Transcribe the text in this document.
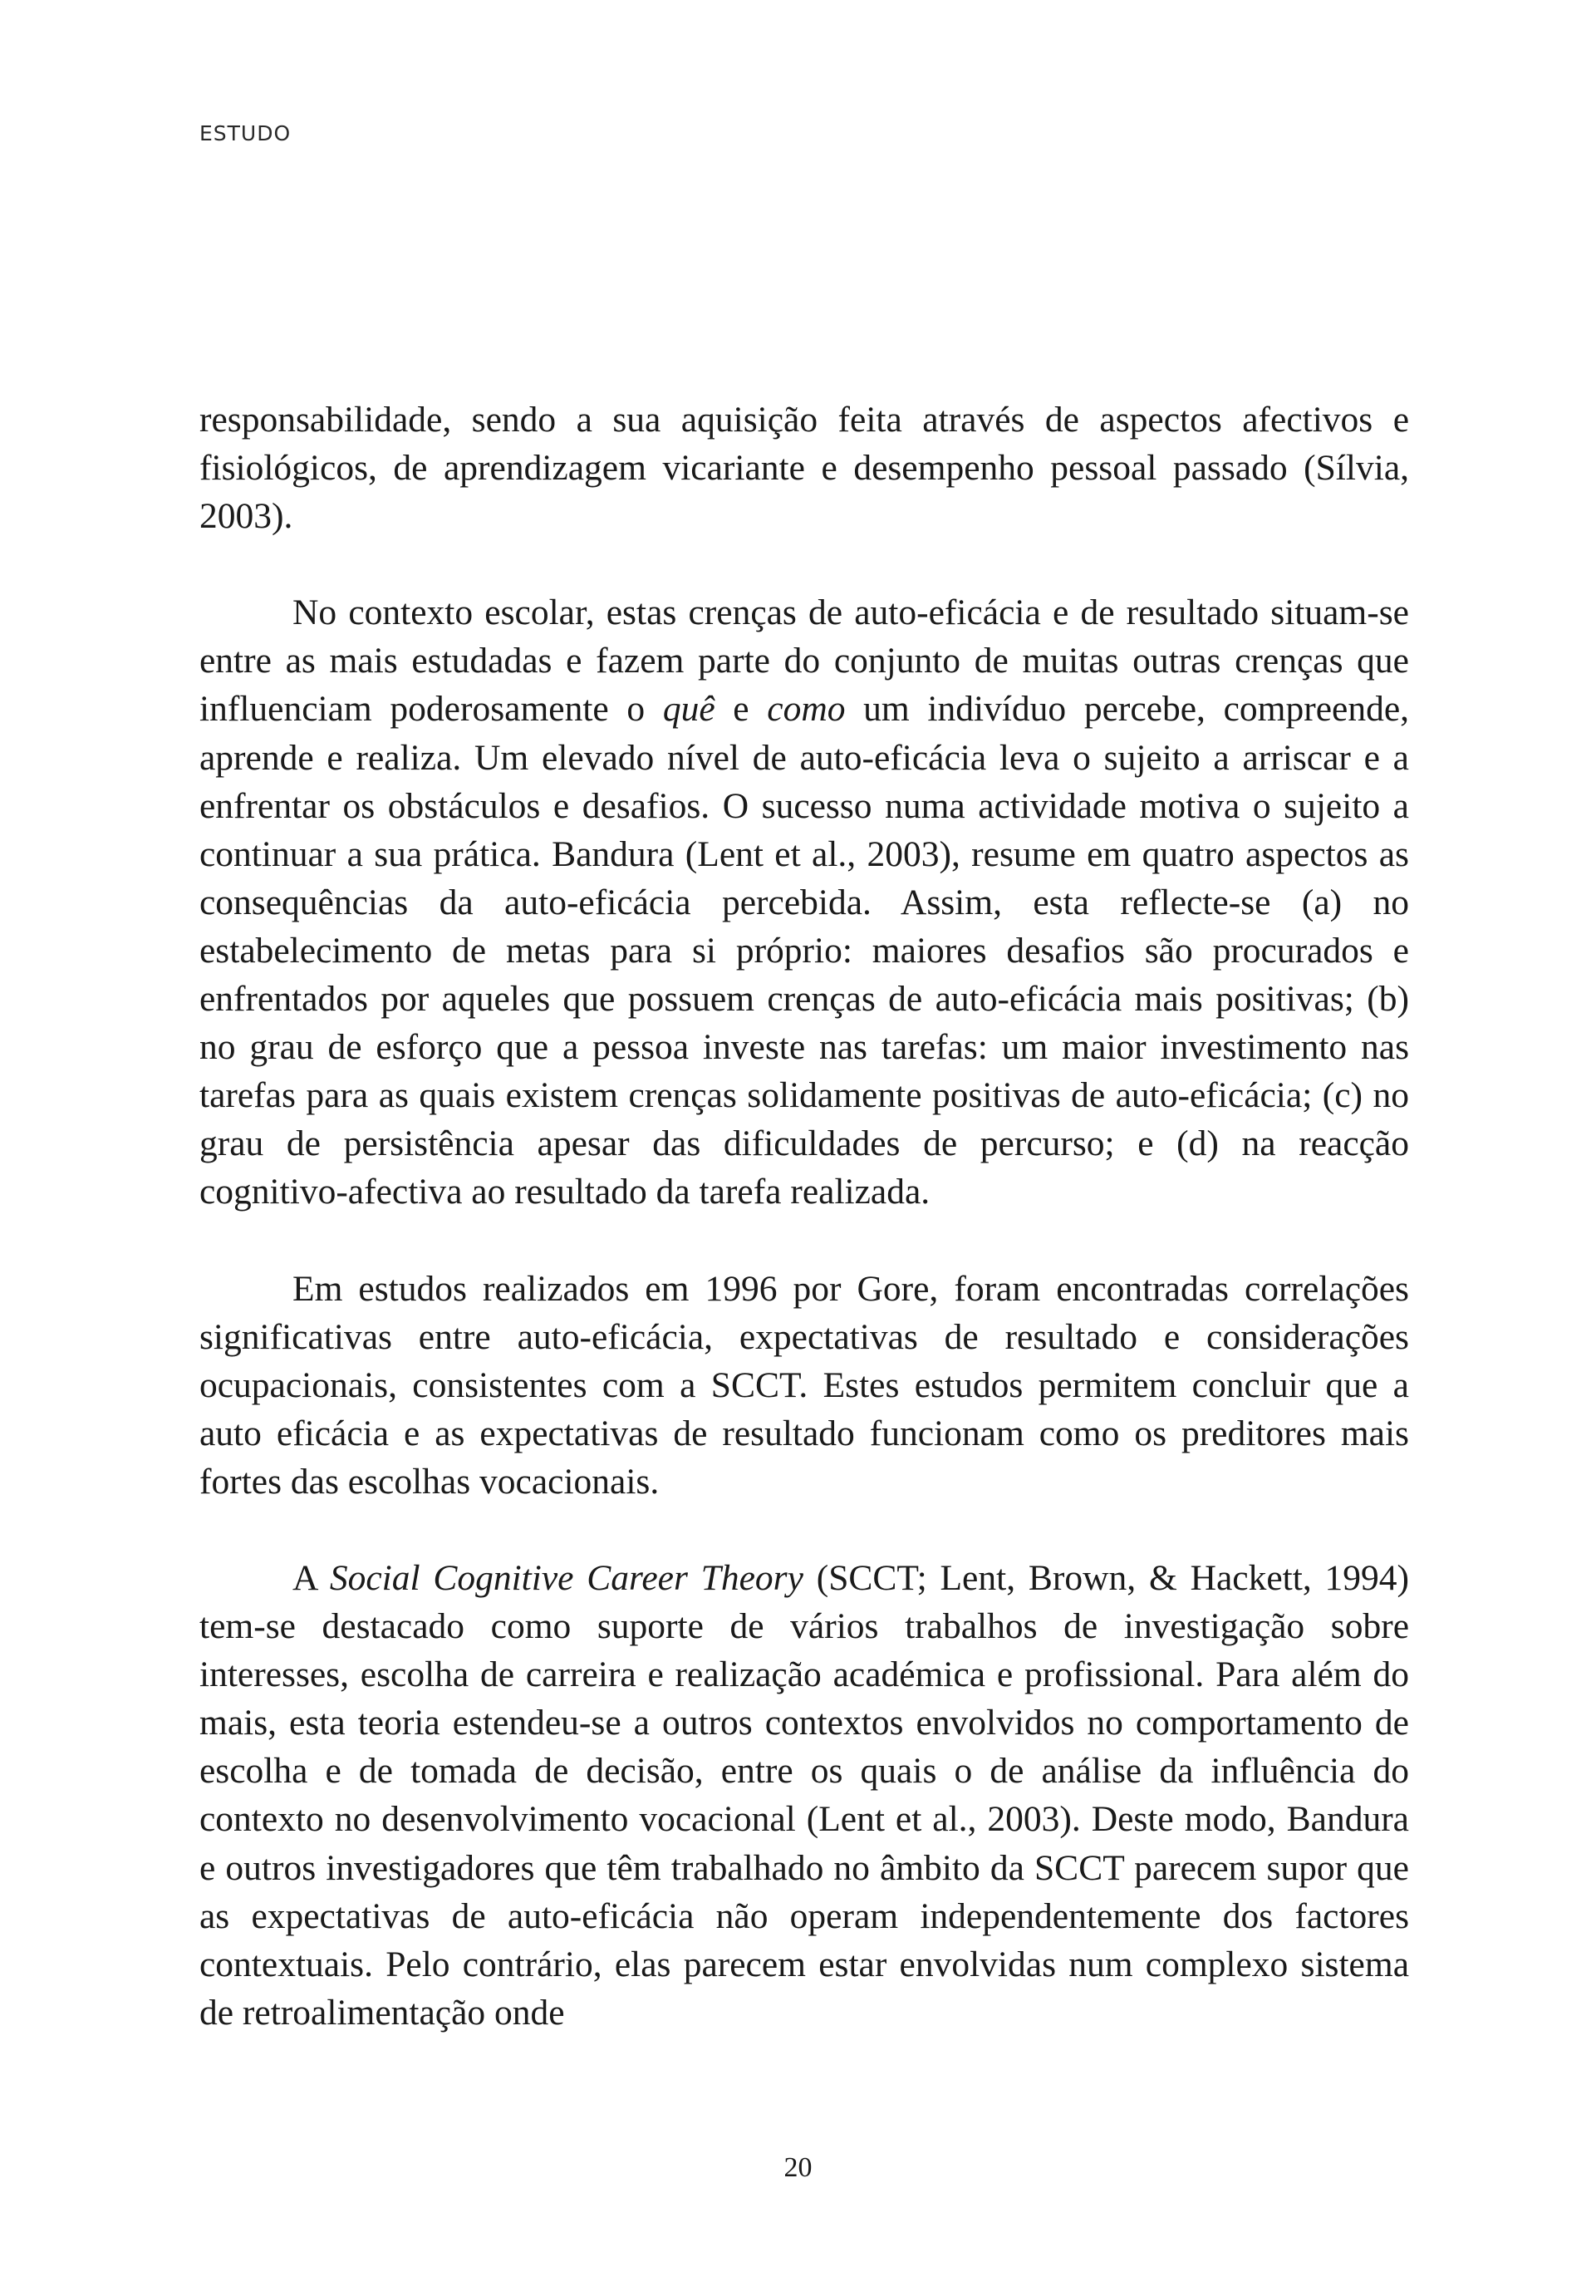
ESTUDO

responsabilidade, sendo a sua aquisição feita através de aspectos afectivos e fisiológicos, de aprendizagem vicariante e desempenho pessoal passado (Sílvia, 2003).

No contexto escolar, estas crenças de auto-eficácia e de resultado situam-se entre as mais estudadas e fazem parte do conjunto de muitas outras crenças que influenciam poderosamente o quê e como um indivíduo percebe, compreende, aprende e realiza. Um elevado nível de auto-eficácia leva o sujeito a arriscar e a enfrentar os obstáculos e desafios. O sucesso numa actividade motiva o sujeito a continuar a sua prática. Bandura (Lent et al., 2003), resume em quatro aspectos as consequências da auto-eficácia percebida. Assim, esta reflecte-se (a) no estabelecimento de metas para si próprio: maiores desafios são procurados e enfrentados por aqueles que possuem crenças de auto-eficácia mais positivas; (b) no grau de esforço que a pessoa investe nas tarefas: um maior investimento nas tarefas para as quais existem crenças solidamente positivas de auto-eficácia; (c) no grau de persistência apesar das dificuldades de percurso; e (d) na reacção cognitivo-afectiva ao resultado da tarefa realizada.

Em estudos realizados em 1996 por Gore, foram encontradas correlações significativas entre auto-eficácia, expectativas de resultado e considerações ocupacionais, consistentes com a SCCT. Estes estudos permitem concluir que a auto eficácia e as expectativas de resultado funcionam como os preditores mais fortes das escolhas vocacionais.

A Social Cognitive Career Theory (SCCT; Lent, Brown, & Hackett, 1994) tem-se destacado como suporte de vários trabalhos de investigação sobre interesses, escolha de carreira e realização académica e profissional. Para além do mais, esta teoria estendeu-se a outros contextos envolvidos no comportamento de escolha e de tomada de decisão, entre os quais o de análise da influência do contexto no desenvolvimento vocacional (Lent et al., 2003). Deste modo, Bandura e outros investigadores que têm trabalhado no âmbito da SCCT parecem supor que as expectativas de auto-eficácia não operam independentemente dos factores contextuais. Pelo contrário, elas parecem estar envolvidas num complexo sistema de retroalimentação onde

20
